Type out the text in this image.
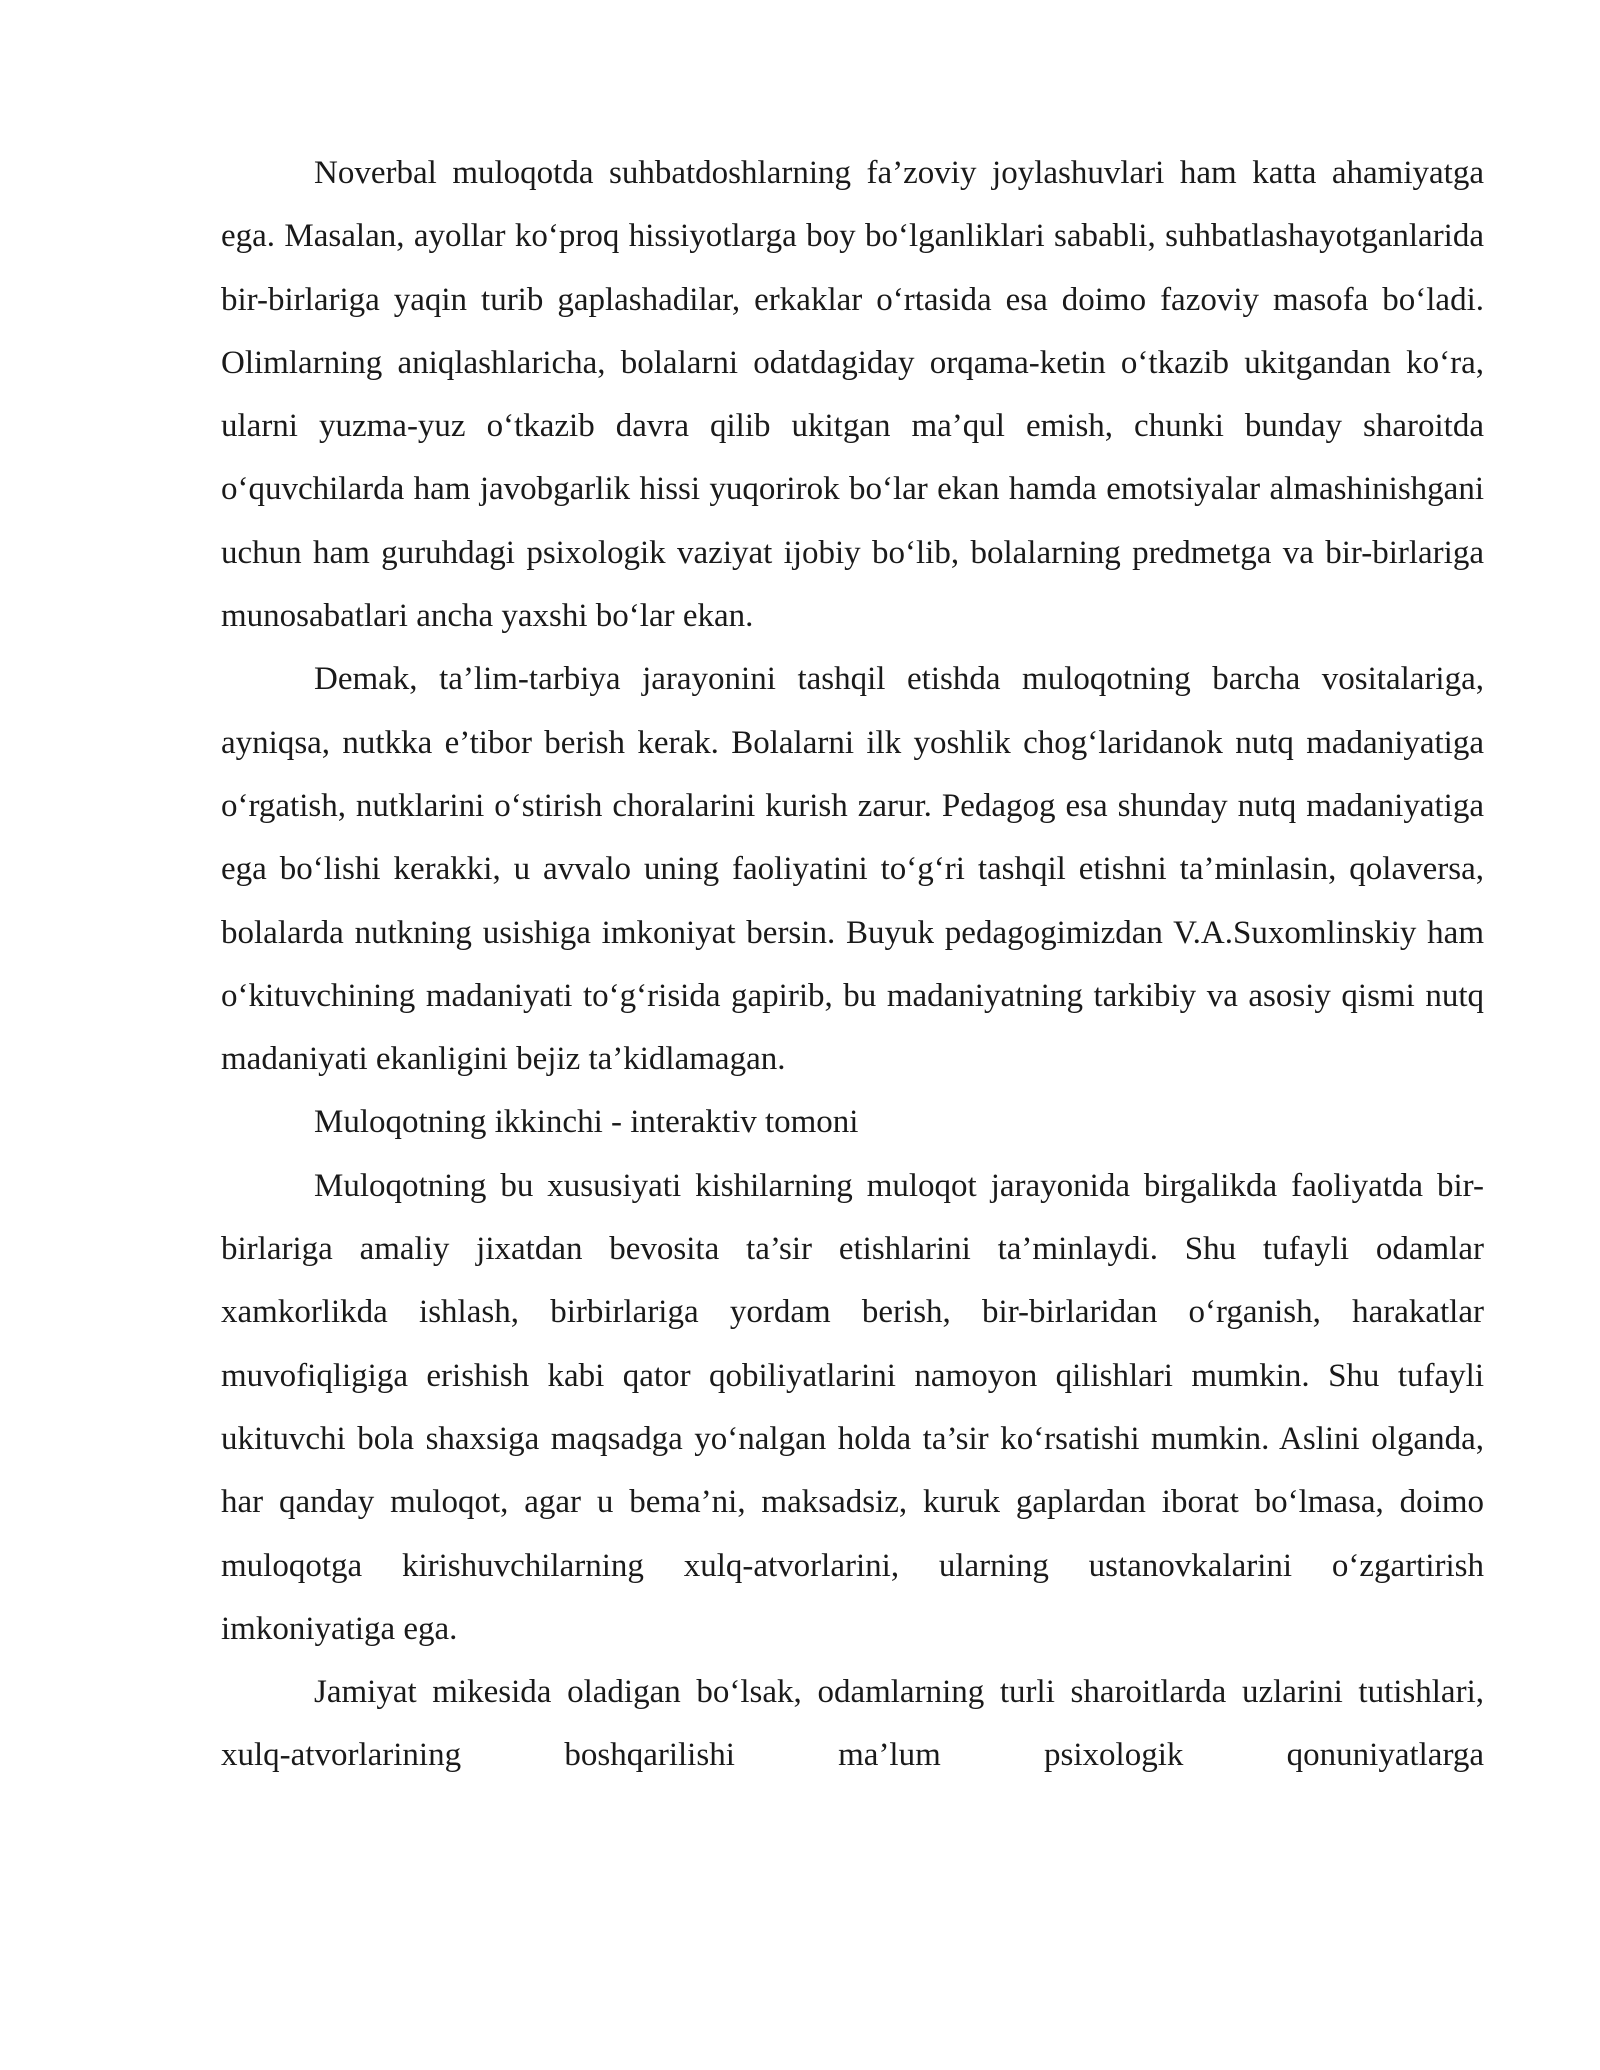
Noverbal muloqotda suhbatdoshlarning fa’zoviy joylashuvlari ham katta ahamiyatga ega. Masalan, ayollar ko‘proq hissiyotlarga boy bo‘lganliklari sababli, suhbatlashayotganlarida bir-birlariga yaqin turib gaplashadilar, erkaklar o‘rtasida esa doimo fazoviy masofa bo‘ladi. Olimlarning aniqlashlaricha, bolalarni odatdagiday orqama-ketin o‘tkazib ukitgandan ko‘ra, ularni yuzma-yuz o‘tkazib davra qilib ukitgan ma’qul emish, chunki bunday sharoitda o‘quvchilarda ham javobgarlik hissi yuqorirok bo‘lar ekan hamda emotsiyalar almashinishgani uchun ham guruhdagi psixologik vaziyat ijobiy bo‘lib, bolalarning predmetga va bir-birlariga munosabatlari ancha yaxshi bo‘lar ekan.

Demak, ta’lim-tarbiya jarayonini tashqil etishda muloqotning barcha vositalariga, ayniqsa, nutkka e’tibor berish kerak. Bolalarni ilk yoshlik chog‘laridanok nutq madaniyatiga o‘rgatish, nutklarini o‘stirish choralarini kurish zarur. Pedagog esa shunday nutq madaniyatiga ega bo‘lishi kerakki, u avvalo uning faoliyatini to‘g‘ri tashqil etishni ta’minlasin, qolaversa, bolalarda nutkning usishiga imkoniyat bersin. Buyuk pedagogimizdan V.A.Suxomlinskiy ham o‘kituvchining madaniyati to‘g‘risida gapirib, bu madaniyatning tarkibiy va asosiy qismi nutq madaniyati ekanligini bejiz ta’kidlamagan.

Muloqotning ikkinchi - interaktiv tomoni

Muloqotning bu xususiyati kishilarning muloqot jarayonida birgalikda faoliyatda bir-birlariga amaliy jixatdan bevosita ta’sir etishlarini ta’minlaydi. Shu tufayli odamlar xamkorlikda ishlash, birbirlariga yordam berish, bir-birlaridan o‘rganish, harakatlar muvofiqligiga erishish kabi qator qobiliyatlarini namoyon qilishlari mumkin. Shu tufayli ukituvchi bola shaxsiga maqsadga yo‘nalgan holda ta’sir ko‘rsatishi mumkin. Aslini olganda, har qanday muloqot, agar u bema’ni, maksadsiz, kuruk gaplardan iborat bo‘lmasa, doimo muloqotga kirishuvchilarning xulq-atvorlarini, ularning ustanovkalarini o‘zgartirish imkoniyatiga ega.

Jamiyat mikesida oladigan bo‘lsak, odamlarning turli sharoitlarda uzlarini tutishlari, xulq-atvorlarining boshqarilishi ma’lum psixologik qonuniyatlarga
